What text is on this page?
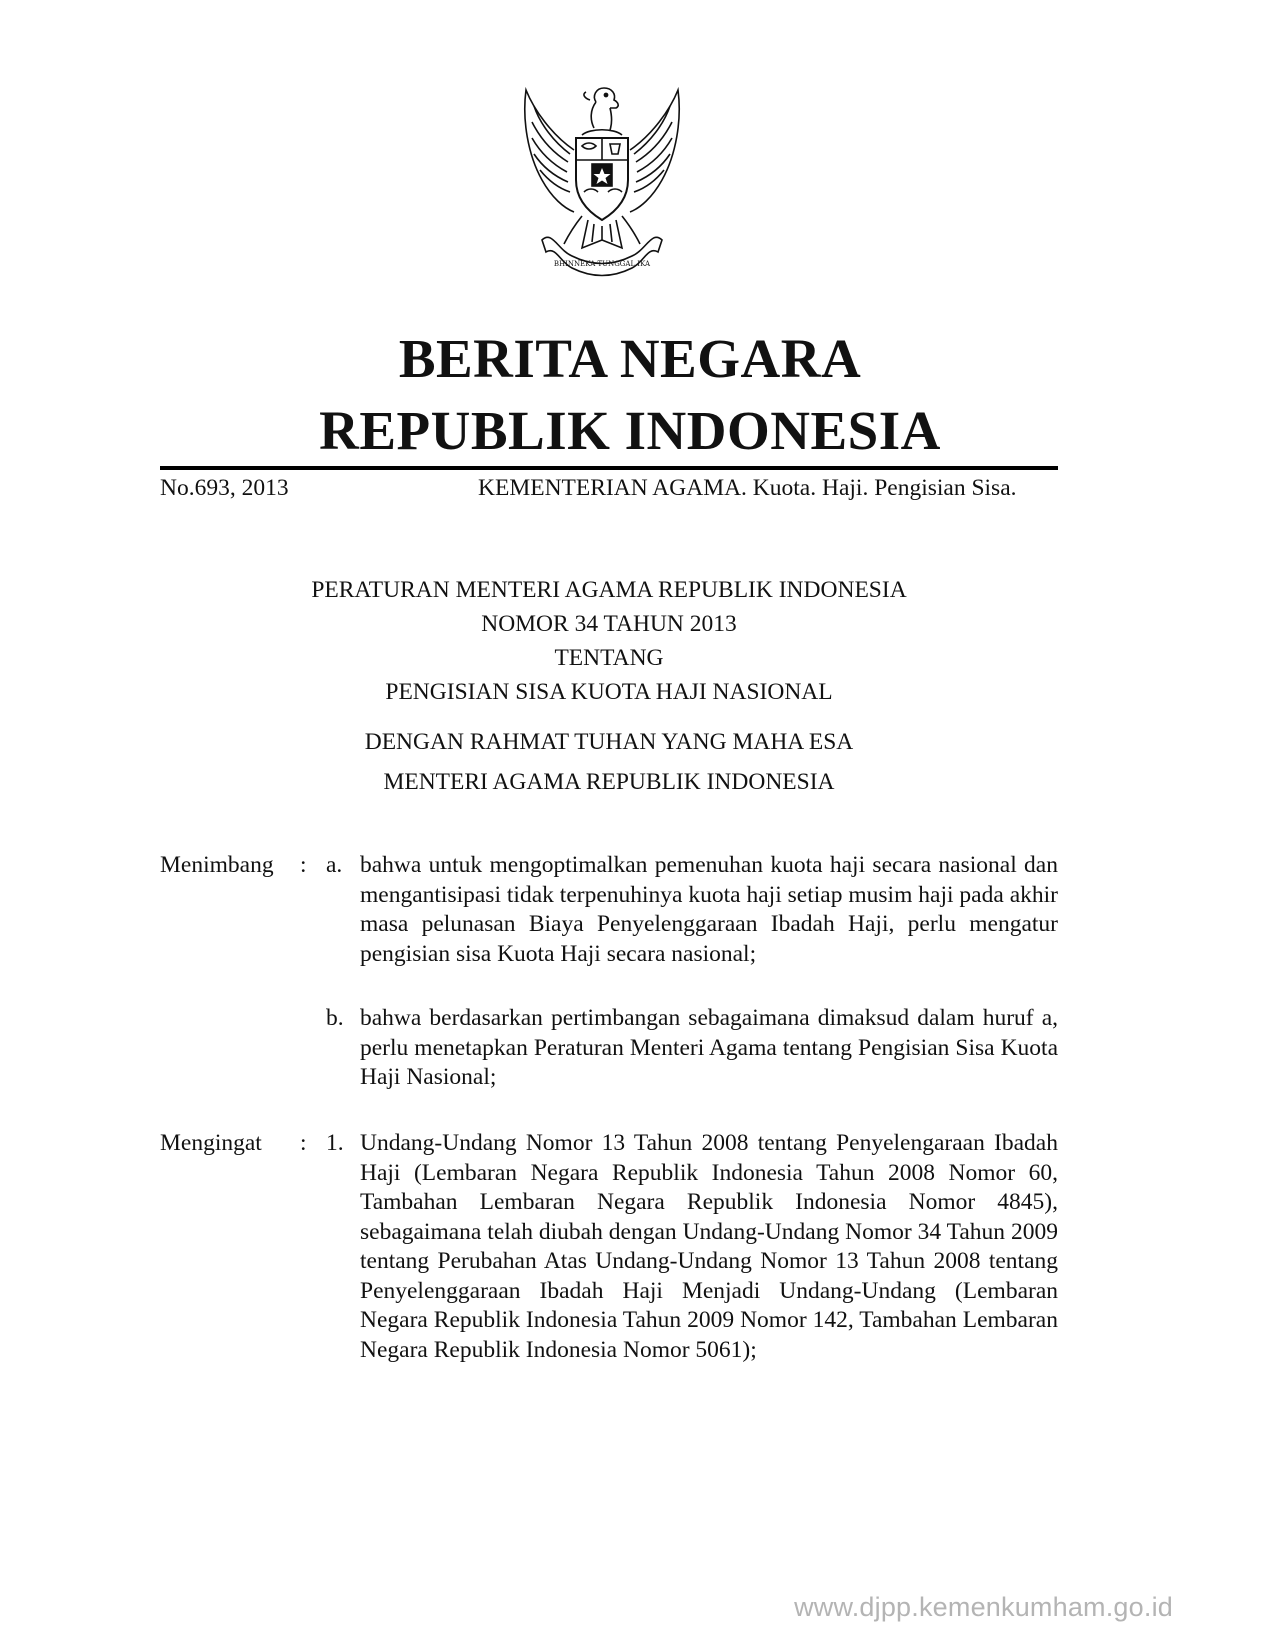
BHINNEKA TUNGGAL IKA
BERITA NEGARA
REPUBLIK INDONESIA
No.693, 2013	KEMENTERIAN AGAMA. Kuota. Haji. Pengisian Sisa.
PERATURAN MENTERI AGAMA REPUBLIK INDONESIA
NOMOR 34 TAHUN 2013
TENTANG
PENGISIAN SISA KUOTA HAJI NASIONAL
DENGAN RAHMAT TUHAN YANG MAHA ESA
MENTERI AGAMA REPUBLIK INDONESIA
Menimbang : a. bahwa untuk mengoptimalkan pemenuhan kuota haji secara nasional dan mengantisipasi tidak terpenuhinya kuota haji setiap musim haji pada akhir masa pelunasan Biaya Penyelenggaraan Ibadah Haji, perlu mengatur pengisian sisa Kuota Haji secara nasional;
b. bahwa berdasarkan pertimbangan sebagaimana dimaksud dalam huruf a, perlu menetapkan Peraturan Menteri Agama tentang Pengisian Sisa Kuota Haji Nasional;
Mengingat : 1. Undang-Undang Nomor 13 Tahun 2008 tentang Penyelengaraan Ibadah Haji (Lembaran Negara Republik Indonesia Tahun 2008 Nomor 60, Tambahan Lembaran Negara Republik Indonesia Nomor 4845), sebagaimana telah diubah dengan Undang-Undang Nomor 34 Tahun 2009 tentang Perubahan Atas Undang-Undang Nomor 13 Tahun 2008 tentang Penyelenggaraan Ibadah Haji Menjadi Undang-Undang (Lembaran Negara Republik Indonesia Tahun 2009 Nomor 142, Tambahan Lembaran Negara Republik Indonesia Nomor 5061);
www.djpp.kemenkumham.go.id
